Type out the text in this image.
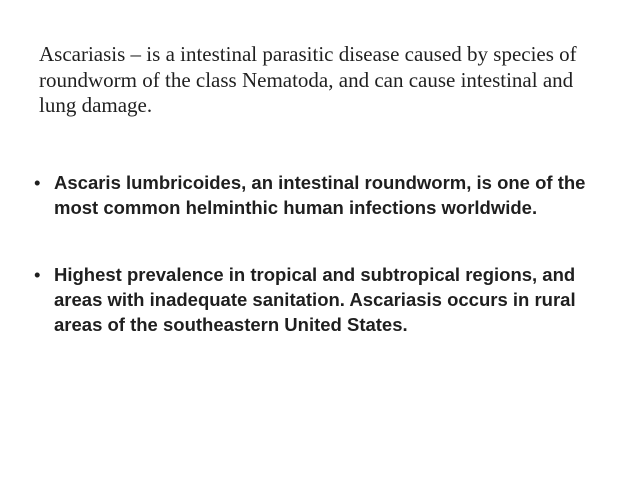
Ascariasis – is a intestinal parasitic disease caused by species of roundworm of the class Nematoda, and can cause intestinal and lung damage.

• Ascaris lumbricoides, an intestinal roundworm, is one of the most common helminthic human infections worldwide.
• Highest prevalence in tropical and subtropical regions, and areas with inadequate sanitation. Ascariasis occurs in rural areas of the southeastern United States.
